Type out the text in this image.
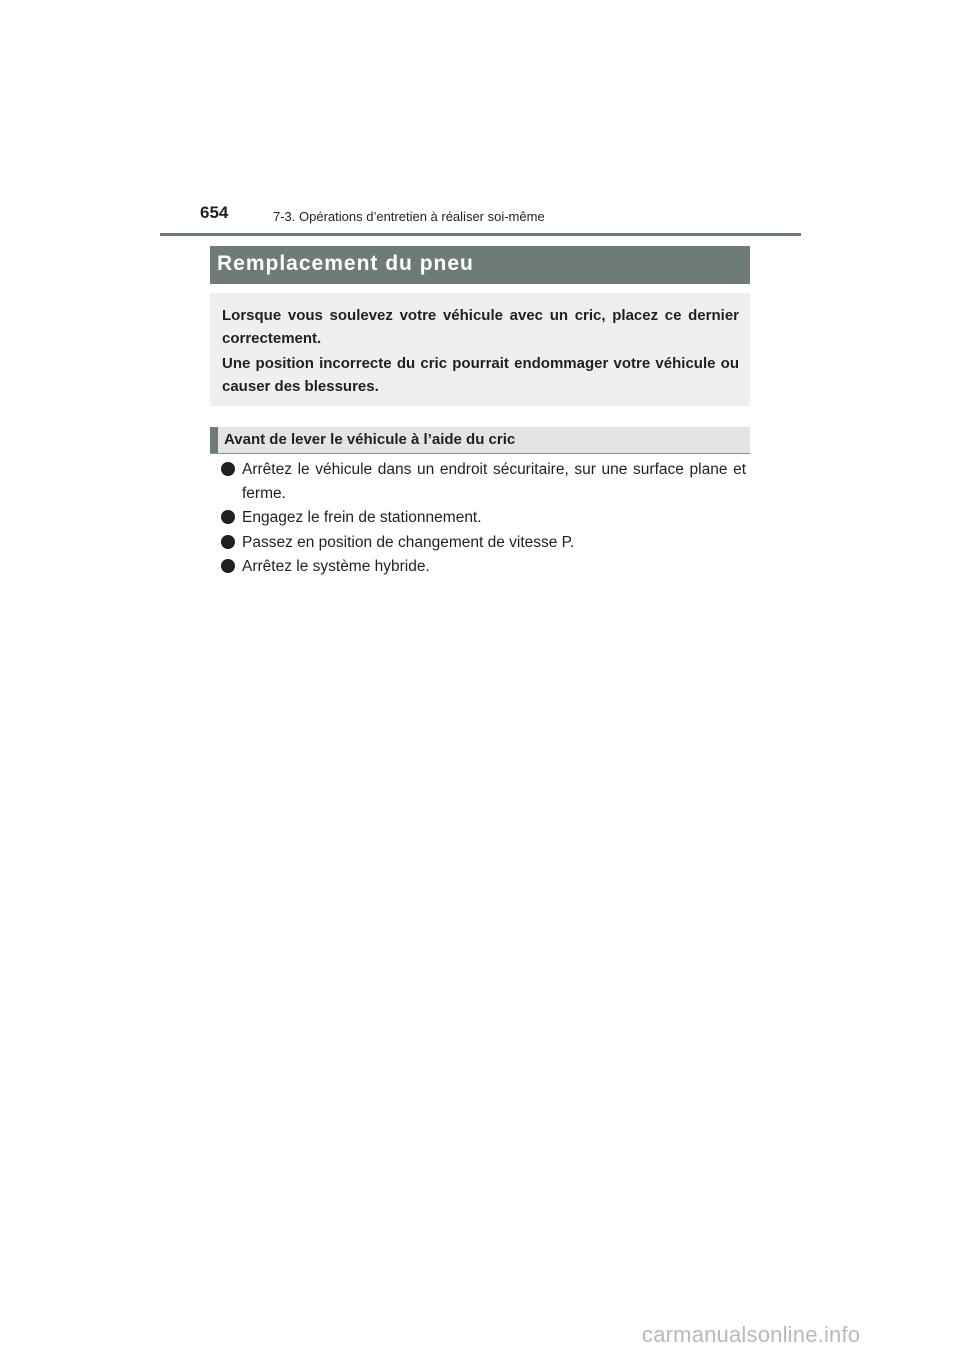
654	7-3. Opérations d’entretien à réaliser soi-même
Remplacement du pneu

Lorsque vous soulevez votre véhicule avec un cric, placez ce dernier correctement.

Une position incorrecte du cric pourrait endommager votre véhicule ou causer des blessures.

Avant de lever le véhicule à l’aide du cric
Arrêtez le véhicule dans un endroit sécuritaire, sur une surface plane et ferme.
Engagez le frein de stationnement.
Passez en position de changement de vitesse P.
Arrêtez le système hybride.
carmanualsonline.info
